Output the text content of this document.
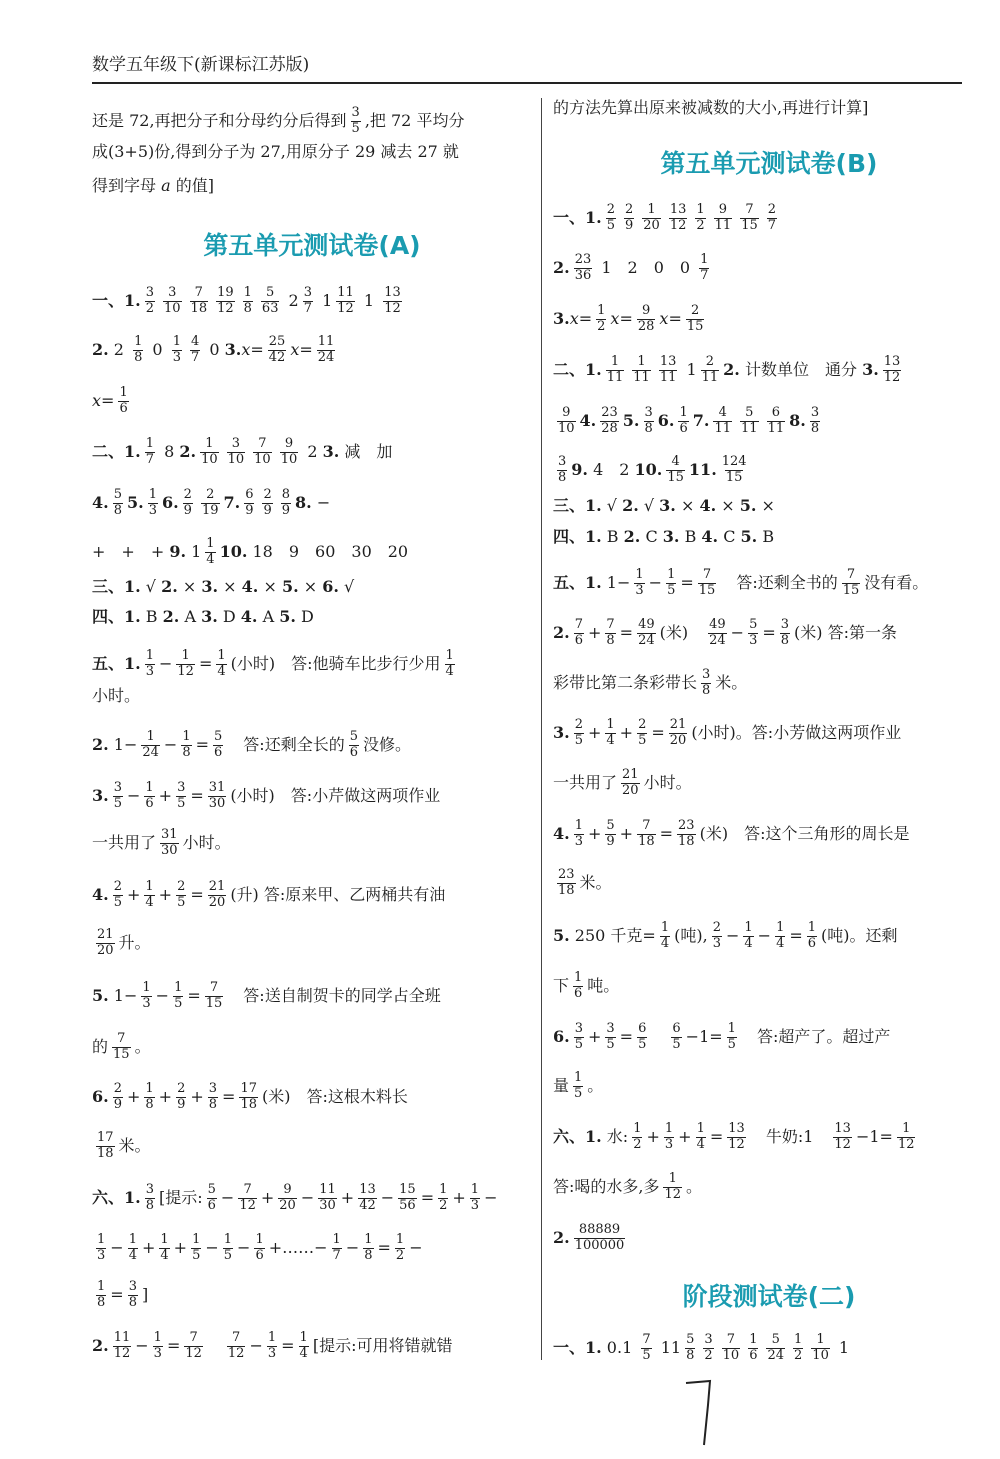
数学五年级下(新课标江苏版)
还是 72,再把分子和分母约分后得到 $\frac{3}{5}$ ,把 72 平均分
成(3+5)份,得到分子为 27,用原分子 29 减去 27 就
得到字母 a 的值]
第五单元测试卷(A)
一、1. $\frac{3}{2} \frac{3}{10} \frac{7}{18} \frac{19}{12} \frac{1}{8} \frac{5}{63} 2 \frac{3}{7} 1 \frac{11}{12} 1 \frac{13}{12}$
2. $2 \frac{1}{8} 0 \frac{1}{3} \frac{4}{7} 0$ 3. $x = \frac{25}{42}$ $x = \frac{11}{24}$
$x = \frac{1}{6}$
二、1. $\frac{1}{7} 8$ 2. $\frac{1}{10} \frac{3}{10} \frac{7}{10} \frac{9}{10} 2$ 3. 减　加
4. $\frac{5}{8} 5$. $\frac{1}{3} 6$. $\frac{2}{9} \frac{2}{19} 7$. $\frac{6}{9} \frac{2}{9} \frac{8}{9} 8$. −
+　+　+ 9. $1 \frac{1}{4} 10$. 18　9　60　30　20
三、1. √ 2. × 3. × 4. × 5. × 6. √
四、1. B 2. A 3. D 4. A 5. D
五、1. $\frac{1}{3} - \frac{1}{12} = \frac{1}{4}$ (小时)　答:他骑车比步行少用 $\frac{1}{4}$
小时。
2. $1- \frac{1}{24} - \frac{1}{8} = \frac{5}{6}$ 　答:还剩全长的 $\frac{5}{6}$ 没修。
3. $\frac{3}{5} - \frac{1}{6} + \frac{3}{5} = \frac{31}{30}$ (小时)　答:小芹做这两项作业
一共用了 $\frac{31}{30}$ 小时。
4. $\frac{2}{5} + \frac{1}{4} + \frac{2}{5} = \frac{21}{20}$ (升) 答:原来甲、乙两桶共有油
$\frac{21}{20}$ 升。
5. $1- \frac{1}{3} - \frac{1}{5} = \frac{7}{15}$ 　答:送自制贺卡的同学占全班
的 $\frac{7}{15}$ 。
6. $\frac{2}{9} + \frac{1}{8} + \frac{2}{9} + \frac{3}{8} = \frac{17}{18}$ (米)　答:这根木料长
$\frac{17}{18}$ 米。
六、1. $\frac{3}{8}$ [提示: $\frac{5}{6} - \frac{7}{12} + \frac{9}{20} - \frac{11}{30} + \frac{13}{42} - \frac{15}{56} = \frac{1}{2} + \frac{1}{3}$ −
$\frac{1}{3} - \frac{1}{4} + \frac{1}{4} + \frac{1}{5} - \frac{1}{5} - \frac{1}{6}$ +……− $\frac{1}{7} - \frac{1}{8} = \frac{1}{2}$ −
$\frac{1}{8} = \frac{3}{8}$ ]
2. $\frac{11}{12} - \frac{1}{3} = \frac{7}{12}$
　 $\frac{7}{12} - \frac{1}{3} = \frac{1}{4}$ [提示:可用将错就错
的方法先算出原来被减数的大小,再进行计算]
第五单元测试卷(B)
一、1. $\frac{2}{5} \frac{2}{9} \frac{1}{20} \frac{13}{12} \frac{1}{2} \frac{9}{11} \frac{7}{15} \frac{2}{7}$
2. $\frac{23}{36} 1$　2　0　$0 \frac{1}{7}$
3. $x = \frac{1}{2}$ $x = \frac{9}{28}$ $x = \frac{2}{15}$
二、1. $\frac{1}{11} \frac{1}{11} \frac{13}{11} 1 \frac{2}{11} 2$. 计数单位　通分 3. $\frac{13}{12}$
$\frac{9}{10} 4$. $\frac{23}{28} 5$. $\frac{3}{8} 6$. $\frac{1}{6} 7$. $\frac{4}{11} \frac{5}{11} \frac{6}{11} 8$. $\frac{3}{8}$
$\frac{3}{8} 9$. 4　2 10. $\frac{4}{15} 11$. $\frac{124}{15}$
三、1. √ 2. √ 3. × 4. × 5. ×
四、1. B 2. C 3. B 4. C 5. B
五、1. $1- \frac{1}{3} - \frac{1}{5} = \frac{7}{15}$ 　答:还剩全书的 $\frac{7}{15}$ 没有看。
2. $\frac{7}{6} + \frac{7}{8} = \frac{49}{24}$ (米)　 $\frac{49}{24} - \frac{5}{3} = \frac{3}{8}$ (米) 答:第一条
彩带比第二条彩带长 $\frac{3}{8}$ 米。
3. $\frac{2}{5} + \frac{1}{4} + \frac{2}{5} = \frac{21}{20}$ (小时)。答:小芳做这两项作业
一共用了 $\frac{21}{20}$ 小时。
4. $\frac{1}{3} + \frac{5}{9} + \frac{7}{18} = \frac{23}{18}$ (米)　答:这个三角形的周长是
$\frac{23}{18}$ 米。
5. 250 千克= $\frac{1}{4}$ (吨), $\frac{2}{3} - \frac{1}{4} - \frac{1}{4} = \frac{1}{6}$ (吨)。还剩
下 $\frac{1}{6}$ 吨。
6. $\frac{3}{5} + \frac{3}{5} = \frac{6}{5}$
　 $\frac{6}{5} -1= \frac{1}{5}$ 　答:超产了。超过产
量 $\frac{1}{5}$ 。
六、1. 水: $\frac{1}{2} + \frac{1}{3} + \frac{1}{4} = \frac{13}{12}$ 　牛奶:1　 $\frac{13}{12} -1= \frac{1}{12}$
答:喝的水多,多 $\frac{1}{12}$ 。
2. $\frac{88889}{100000}$
阶段测试卷(二)
一、1. $0.1 \frac{7}{5} 11 \frac{5}{8} \frac{3}{2} \frac{7}{10} \frac{1}{6} \frac{5}{24} \frac{1}{2} \frac{1}{10} 1$
